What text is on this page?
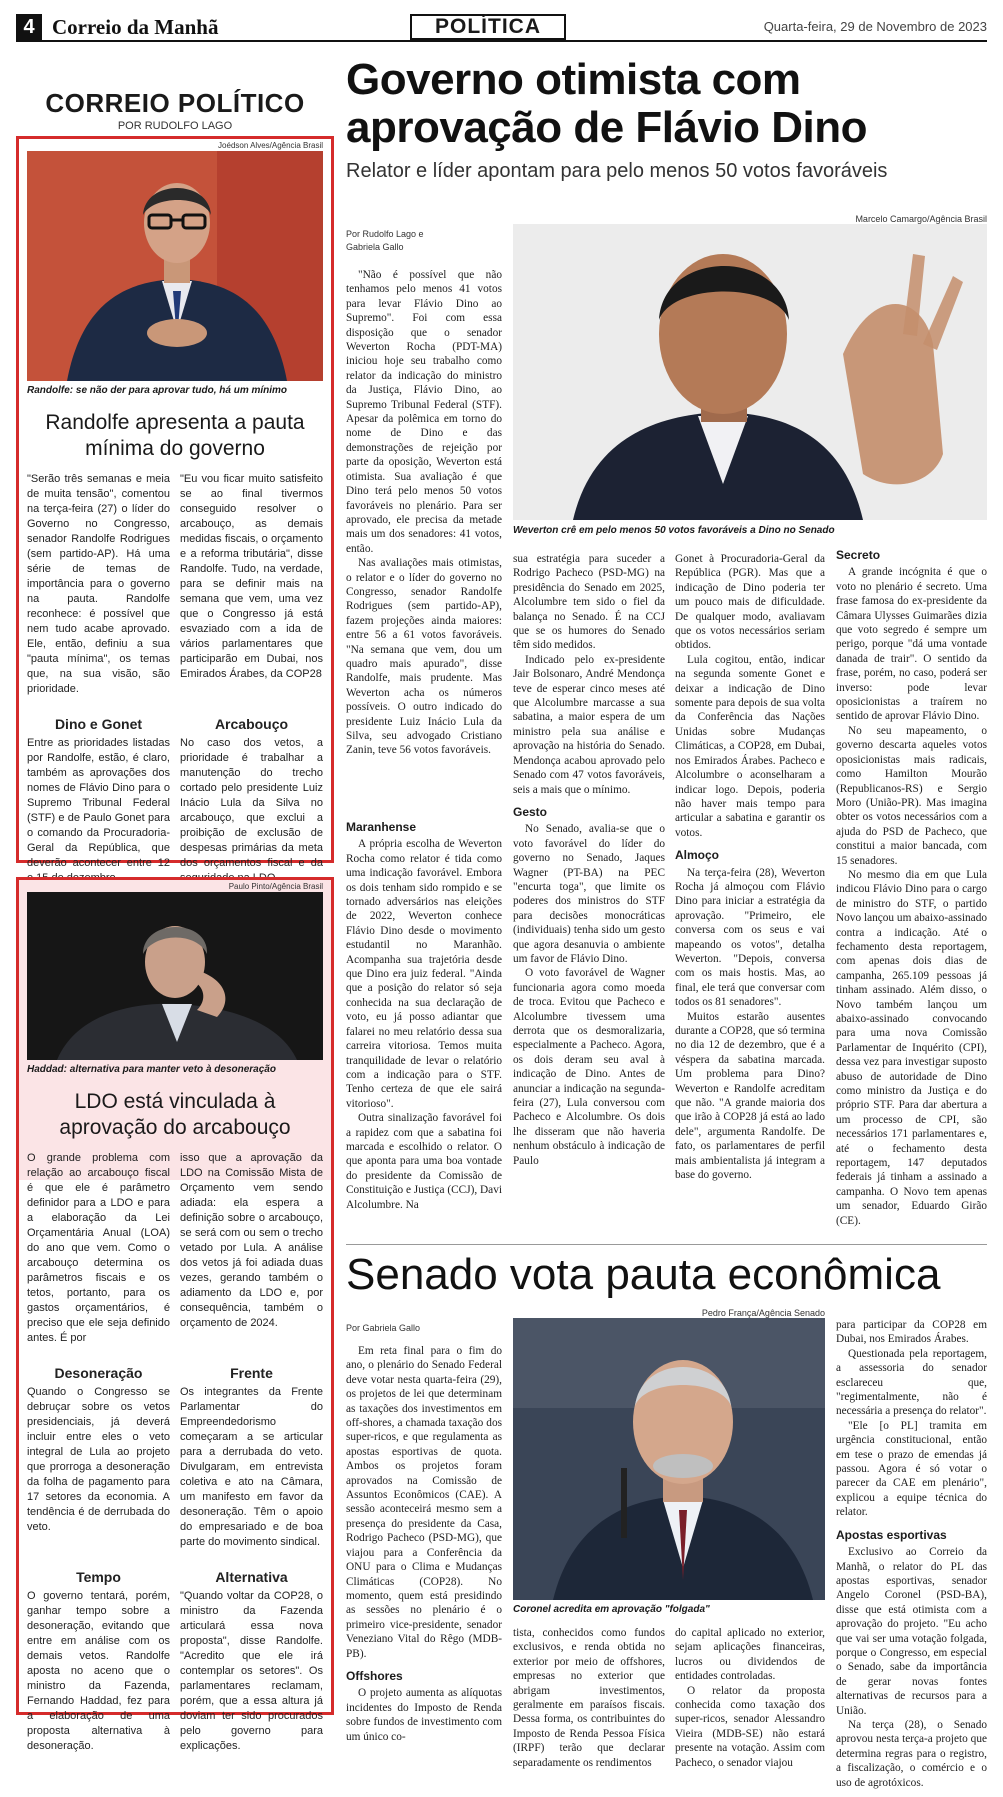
4 Correio da Manhã	POLÍTICA	Quarta-feira, 29 de Novembro de 2023
CORREIO POLÍTICO
POR RUDOLFO LAGO
Joédson Alves/Agência Brasil
Randolfe: se não der para aprovar tudo, há um mínimo
Randolfe apresenta a pauta mínima do governo
"Serão três semanas e meia de muita tensão", comentou na terça-feira (27) o líder do Governo no Congresso, senador Randolfe Rodrigues (sem partido-AP). Há uma série de temas de importância para o governo na pauta. Randolfe reconhece: é possível que nem tudo acabe aprovado. Ele, então, definiu a sua "pauta mínima", os temas que, na sua visão, são prioridade.
"Eu vou ficar muito satisfeito se ao final tivermos conseguido resolver o arcabouço, as demais medidas fiscais, o orçamento e a reforma tributária", disse Randolfe. Tudo, na verdade, para se definir mais na semana que vem, uma vez que o Congresso já está esvaziado com a ida de vários parlamentares que participarão em Dubai, nos Emirados Árabes, da COP28
Dino e Gonet
Entre as prioridades listadas por Randolfe, estão, é claro, também as aprovações dos nomes de Flávio Dino para o Supremo Tribunal Federal (STF) e de Paulo Gonet para o comando da Procuradoria-Geral da República, que deverão acontecer entre 12
Arcabouço
No caso dos vetos, a prioridade é trabalhar a manutenção do trecho cortado pelo presidente Luiz Inácio Lula da Silva no arcabouço, que exclui a proibição de exclusão de despesas primárias da meta dos orçamentos fiscal e da
Paulo Pinto/Agência Brasil
Haddad: alternativa para manter veto à desoneração
LDO está vinculada à aprovação do arcabouço
O grande problema com relação ao arcabouço fiscal é que ele é parâmetro definidor para a LDO e para a elaboração da Lei Orçamentária Anual (LOA) do ano que vem. Como o arcabouço determina os parâmetros fiscais e os tetos, portanto, para os gastos orçamentários, é preciso que ele seja definido antes. É por
isso que a aprovação da LDO na Comissão Mista de Orçamento vem sendo adiada: ela espera a definição sobre o arcabouço, se será com ou sem o trecho vetado por Lula. A análise dos vetos já foi adiada duas vezes, gerando também o adiamento da LDO e, por consequência, também o orçamento de 2024.
Desoneração
Quando o Congresso se debruçar sobre os vetos presidenciais, já deverá incluir entre eles o veto integral de Lula ao projeto que prorroga a desoneração da folha de pagamento para 17 setores da economia. A tendência é de derrubada do veto.
Frente
Os integrantes da Frente Parlamentar do Empreendedorismo começaram a se articular para a derrubada do veto. Divulgaram, em entrevista coletiva e ato na Câmara, um manifesto em favor da desoneração. Têm o apoio do empresariado e de boa parte do movimento sindical.
Tempo
O governo tentará, porém, ganhar tempo sobre a desoneração, evitando que entre em análise com os demais vetos. Randolfe aposta no aceno que o ministro da Fazenda, Fernando Haddad, fez para a elaboração de uma proposta alternativa à desoneração.
Alternativa
"Quando voltar da COP28, o ministro da Fazenda articulará essa nova proposta", disse Randolfe. "Acredito que ele irá contemplar os setores". Os parlamentares reclamam, porém, que a essa altura já doviam ter sido procurados pelo governo para explicações.
Governo otimista com aprovação de Flávio Dino
Relator e líder apontam para pelo menos 50 votos favoráveis
Por Rudolfo Lago e Gabriela Gallo
Marcelo Camargo/Agência Brasil
Weverton crê em pelo menos 50 votos favoráveis a Dino no Senado

"Não é possível que não tenhamos pelo menos 41 votos para levar Flávio Dino ao Supremo". Foi com essa disposição que o senador Weverton Rocha (PDT-MA) iniciou hoje seu trabalho como relator da indicação do ministro da Justiça, Flávio Dino, ao Supremo Tribunal Federal (STF). Apesar da polêmica em torno do nome de Dino e das demonstrações de rejeição por parte da oposição, Weverton está otimista. Sua avaliação é que Dino terá pelo menos 50 votos favoráveis no plenário. Para ser aprovado, ele precisa da metade mais um dos senadores: 41 votos, então.

Nas avaliações mais otimistas, o relator e o líder do governo no Congresso, senador Randolfe Rodrigues (sem partido-AP), fazem projeções ainda maiores: entre 56 a 61 votos favoráveis. "Na semana que vem, dou um quadro mais apurado", disse Randolfe, mais prudente. Mas Weverton acha os números possíveis. O outro indicado do presidente Luiz Inácio Lula da Silva, seu advogado Cristiano Zanin, teve 56 votos favoráveis.

Maranhense

A própria escolha de Weverton Rocha como relator é tida como uma indicação favorável. Embora os dois tenham sido rompido e se tornado adversários nas eleições de 2022, Weverton conhece Flávio Dino desde o movimento estudantil no Maranhão. Acompanha sua trajetória desde que Dino era juiz federal. "Ainda que a posição do relator só seja conhecida na sua declaração de voto, eu já posso adiantar que falarei no meu relatório dessa sua carreira vitoriosa. Temos muita tranquilidade de levar o relatório com a indicação para o STF. Tenho certeza de que ele sairá vitorioso".

Outra sinalização favorável foi a rapidez com que a sabatina foi marcada e escolhido o relator. O que aponta para uma boa vontade do presidente da Comissão de Constituição e Justiça (CCJ), Davi Alcolumbre. Na

sua estratégia para suceder a Rodrigo Pacheco (PSD-MG) na presidência do Senado em 2025, Alcolumbre tem sido o fiel da balança no Senado. É na CCJ que se os humores do Senado têm sido medidos.

Indicado pelo ex-presidente Jair Bolsonaro, André Mendonça teve de esperar cinco meses até que Alcolumbre marcasse a sua sabatina, a maior espera de um ministro pela sua análise e aprovação na história do Senado. Mendonça acabou aprovado pelo Senado com 47 votos favoráveis, seis a mais que o mínimo.

Gesto

No Senado, avalia-se que o voto favorável do líder do governo no Senado, Jaques Wagner (PT-BA) na PEC "encurta toga", que limite os poderes dos ministros do STF para decisões monocráticas (individuais) tenha sido um gesto que agora desanuvia o ambiente um favor de Flávio Dino.

O voto favorável de Wagner funcionaria agora como moeda de troca. Evitou que Pacheco e Alcolumbre tivessem uma derrota que os desmoralizaria, especialmente a Pacheco. Agora, os dois deram seu aval à indicação de Dino. Antes de anunciar a indicação na segunda-feira (27), Lula conversou com Pacheco e Alcolumbre. Os dois lhe disseram que não haveria nenhum obstáculo à indicação de Paulo

Gonet à Procuradoria-Geral da República (PGR). Mas que a indicação de Dino poderia ter um pouco mais de dificuldade. De qualquer modo, avaliavam que os votos necessários seriam obtidos.

Lula cogitou, então, indicar na segunda somente Gonet e deixar a indicação de Dino somente para depois de sua volta da Conferência das Nações Unidas sobre Mudanças Climáticas, a COP28, em Dubai, nos Emirados Árabes. Pacheco e Alcolumbre o aconselharam a indicar logo. Depois, poderia não haver mais tempo para articular a sabatina e garantir os votos.

Almoço

Na terça-feira (28), Weverton Rocha já almoçou com Flávio Dino para iniciar a estratégia da aprovação. "Primeiro, ele conversa com os seus e vai mapeando os votos", detalha Weverton. "Depois, conversa com os mais hostis. Mas, ao final, ele terá que conversar com todos os 81 senadores".

Muitos estarão ausentes durante a COP28, que só termina no dia 12 de dezembro, que é a véspera da sabatina marcada. Um problema para Dino? Weverton e Randolfe acreditam que não. "A grande maioria dos que irão à COP28 já está ao lado dele", argumenta Randolfe. De fato, os parlamentares de perfil mais ambientalista já integram a base do governo.

Secreto

A grande incógnita é que o voto no plenário é secreto. Uma frase famosa do ex-presidente da Câmara Ulysses Guimarães dizia que voto segredo é sempre um perigo, porque "dá uma vontade danada de trair". O sentido da frase, porém, no caso, poderá ser inverso: pode levar oposicionistas a traírem no sentido de aprovar Flávio Dino.

No seu mapeamento, o governo descarta aqueles votos oposicionistas mais radicais, como Hamilton Mourão (Republicanos-RS) e Sergio Moro (União-PR). Mas imagina obter os votos necessários com a ajuda do PSD de Pacheco, que constitui a maior bancada, com 15 senadores.

No mesmo dia em que Lula indicou Flávio Dino para o cargo de ministro do STF, o partido Novo lançou um abaixo-assinado contra a indicação. Até o fechamento desta reportagem, com apenas dois dias de campanha, 265.109 pessoas já tinham assinado. Além disso, o Novo também lançou um abaixo-assinado convocando para uma nova Comissão Parlamentar de Inquérito (CPI), dessa vez para investigar suposto abuso de autoridade de Dino como ministro da Justiça e do próprio STF. Para dar abertura a um processo de CPI, são necessários 171 parlamentares e, até o fechamento desta reportagem, 147 deputados federais já tinham a assinado a campanha. O Novo tem apenas um senador, Eduardo Girão (CE).

Senado vota pauta econômica
Por Gabriela Gallo
Pedro França/Agência Senado
Coronel acredita em aprovação "folgada"

Em reta final para o fim do ano, o plenário do Senado Federal deve votar nesta quarta-feira (29), os projetos de lei que determinam as taxações dos investimentos em off-shores, a chamada taxação dos super-ricos, e que regulamenta as apostas esportivas de quota. Ambos os projetos foram aprovados na Comissão de Assuntos Econômicos (CAE). A sessão aconteceirá mesmo sem a presença do presidente da Casa, Rodrigo Pacheco (PSD-MG), que viajou para a Conferência da ONU para o Clima e Mudanças Climáticas (COP28). No momento, quem está presidindo as sessões no plenário é o primeiro vice-presidente, senador Veneziano Vital do Rêgo (MDB-PB).

Offshores

O projeto aumenta as alíquotas incidentes do Imposto de Renda sobre fundos de investimento com um único co-

tista, conhecidos como fundos exclusivos, e renda obtida no exterior por meio de offshores, empresas no exterior que abrigam investimentos, geralmente em paraísos fiscais. Dessa forma, os contribuintes do Imposto de Renda Pessoa Física (IRPF) terão que declarar separadamente os rendimentos

do capital aplicado no exterior, sejam aplicações financeiras, lucros ou dividendos de entidades controladas.

O relator da proposta conhecida como taxação dos super-ricos, senador Alessandro Vieira (MDB-SE) não estará presente na votação. Assim com Pacheco, o senador viajou

para participar da COP28 em Dubai, nos Emirados Árabes.

Questionada pela reportagem, a assessoria do senador esclareceu que, "regimentalmente, não é necessária a presença do relator".

"Ele [o PL] tramita em urgência constitucional, então em tese o prazo de emendas já passou. Agora é só votar o parecer da CAE em plenário", explicou a equipe técnica do relator.

Apostas esportivas

Exclusivo ao Correio da Manhã, o relator do PL das apostas esportivas, senador Angelo Coronel (PSD-BA), disse que está otimista com a aprovação do projeto. "Eu acho que vai ser uma votação folgada, porque o Congresso, em especial o Senado, sabe da importância de gerar novas fontes alternativas de recursos para a União.

Na terça (28), o Senado aprovou nesta terça-a projeto que determina regras para o registro, a fiscalização, o comércio e o uso de agrotóxicos.
